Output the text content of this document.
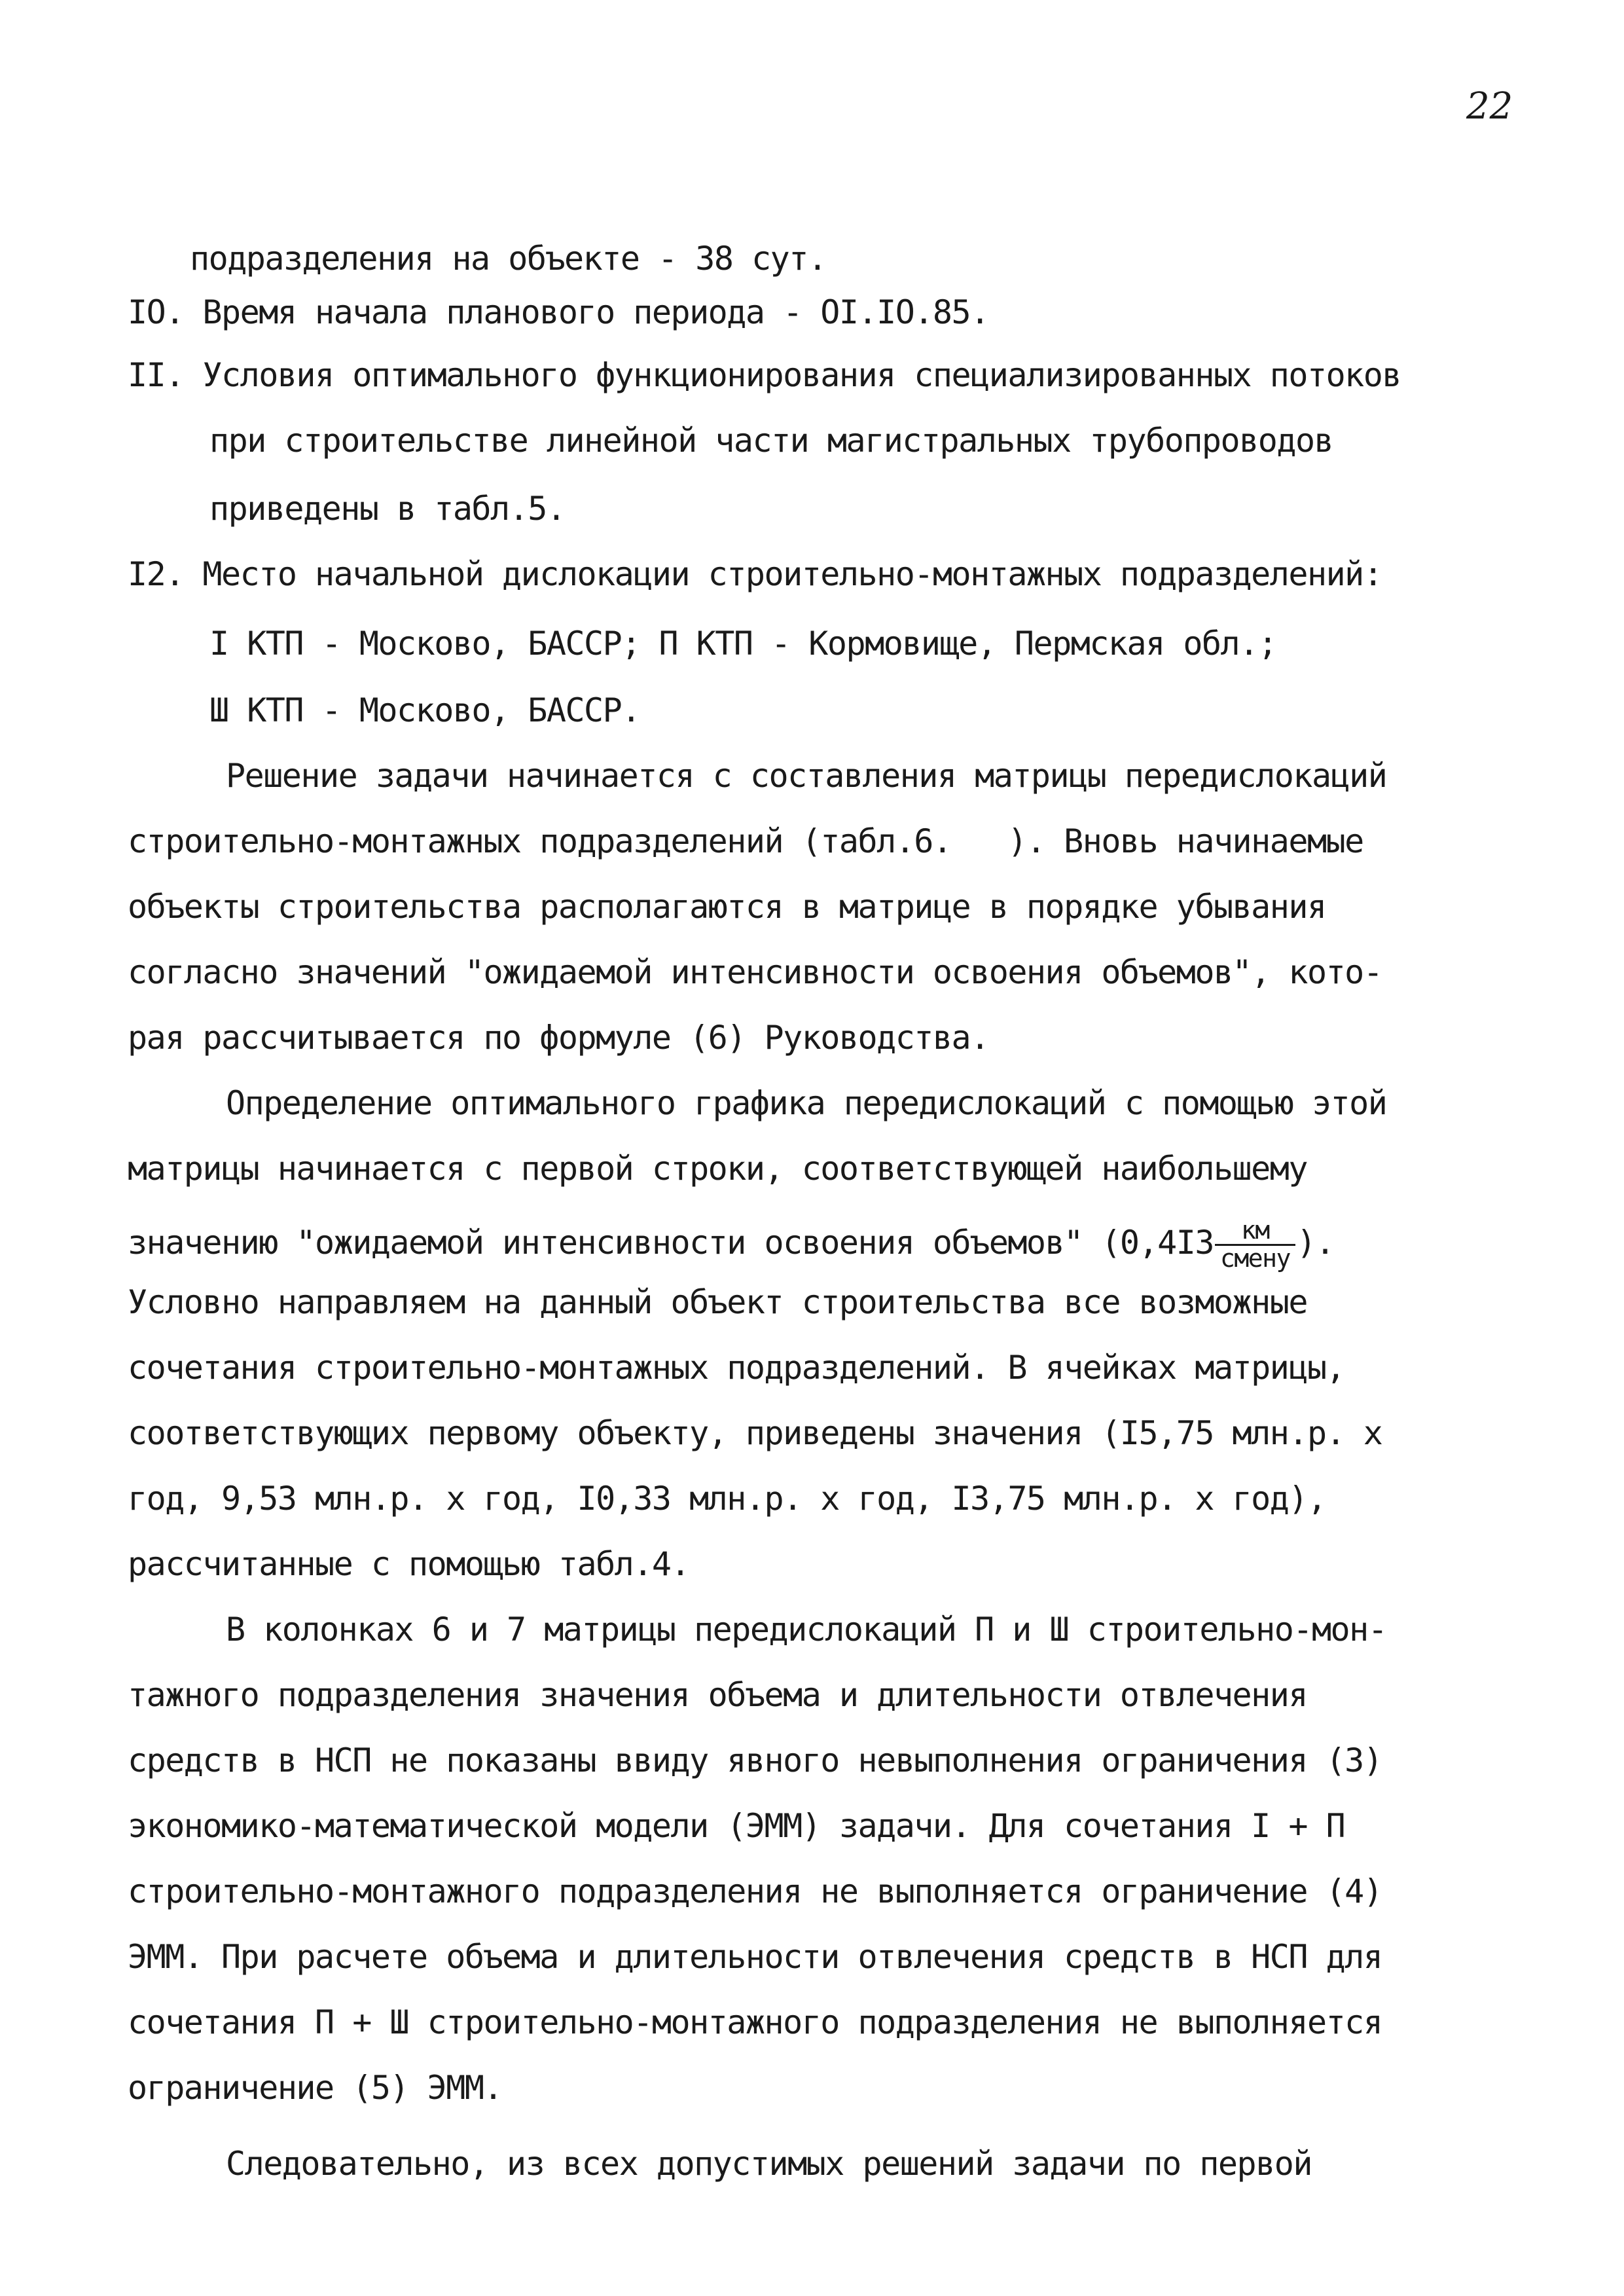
22

подразделения на объекте - 38 сут.

IO. Время начала планового периода - OI.IO.85.

II. Условия оптимального функционирования специализированных потоков

при строительстве линейной части магистральных трубопроводов

приведены в табл.5.

I2. Место начальной дислокации строительно-монтажных подразделений:

I КТП - Москово, БАССР; П КТП - Кормовище, Пермская обл.;

Ш КТП - Москово, БАССР.

Решение задачи начинается с составления матрицы передислокаций

строительно-монтажных подразделений (табл.6.   ). Вновь начинаемые

объекты строительства располагаются в матрице в порядке убывания

согласно значений "ожидаемой интенсивности освоения объемов", кото-

рая рассчитывается по формуле (6) Руководства.

Определение оптимального графика передислокаций с помощью этой

матрицы начинается с первой строки, соответствующей наибольшему

значению "ожидаемой интенсивности освоения объемов" ($0,4I3 \frac{км}{\text{смену}}$ ).

Условно направляем на данный объект строительства все возможные

сочетания строительно-монтажных подразделений. В ячейках матрицы,

соответствующих первому объекту, приведены значения (I5,75 млн.р. х

год, 9,53 млн.р. х год, I0,33 млн.р. х год, I3,75 млн.р. х год),

рассчитанные с помощью табл.4.

В колонках 6 и 7 матрицы передислокаций П и Ш строительно-мон-

тажного подразделения значения объема и длительности отвлечения

средств в НСП не показаны ввиду явного невыполнения ограничения (3)

экономико-математической модели (ЭММ) задачи. Для сочетания I + П

строительно-монтажного подразделения не выполняется ограничение (4)

ЭММ. При расчете объема и длительности отвлечения средств в НСП для

сочетания П + Ш строительно-монтажного подразделения не выполняется

ограничение (5) ЭММ.

Следовательно, из всех допустимых решений задачи по первой
